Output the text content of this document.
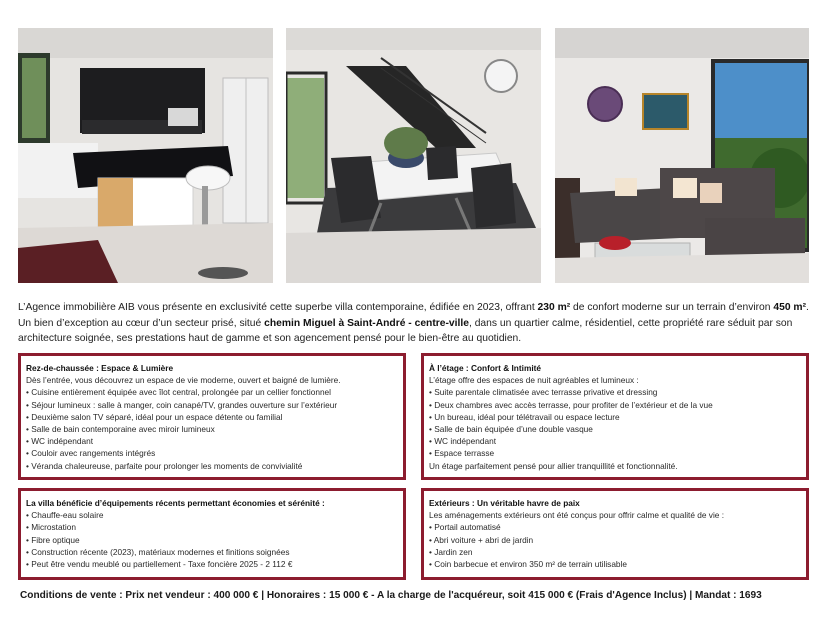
L’Agence immobilière AIB vous présente en exclusivité cette superbe villa contemporaine, édifiée en 2023, offrant 230 m² de confort moderne sur un terrain d’environ 450 m². Un bien d’exception au cœur d’un secteur prisé, situé chemin Miguel à Saint-André - centre-ville, dans un quartier calme, résidentiel, cette propriété rare séduit par son architecture soignée, ses prestations haut de gamme et son agencement pensé pour le bien-être au quotidien.
Rez-de-chaussée : Espace & Lumière
Dès l’entrée, vous découvrez un espace de vie moderne, ouvert et baigné de lumière.
• Cuisine entièrement équipée avec îlot central, prolongée par un cellier fonctionnel
• Séjour lumineux : salle à manger, coin canapé/TV, grandes ouverture sur l’extérieur
• Deuxième salon TV séparé, idéal pour un espace détente ou familial
• Salle de bain contemporaine avec miroir lumineux
• WC indépendant
• Couloir avec rangements intégrés
• Véranda chaleureuse, parfaite pour prolonger les moments de convivialité
À l’étage : Confort & Intimité
L’étage offre des espaces de nuit agréables et lumineux :
• Suite parentale climatisée avec terrasse privative et dressing
• Deux chambres avec accès terrasse, pour profiter de l’extérieur et de la vue
• Un bureau, idéal pour télétravail ou espace lecture
• Salle de bain équipée d’une double vasque
• WC indépendant
• Espace terrasse
Un étage parfaitement pensé pour allier tranquillité et fonctionnalité.
La villa bénéficie d’équipements récents permettant économies et sérénité :
• Chauffe-eau solaire
• Microstation
• Fibre optique
• Construction récente (2023), matériaux modernes et finitions soignées
• Peut être vendu meublé ou partiellement - Taxe foncière 2025 - 2 112 €
Extérieurs : Un véritable havre de paix
Les aménagements extérieurs ont été conçus pour offrir calme et qualité de vie :
• Portail automatisé
• Abri voiture + abri de jardin
• Jardin zen
• Coin barbecue et environ 350 m² de terrain utilisable
Conditions de vente : Prix net vendeur : 400 000 € | Honoraires : 15 000 € - A la charge de l'acquéreur, soit 415 000 € (Frais d'Agence Inclus) | Mandat : 1693
